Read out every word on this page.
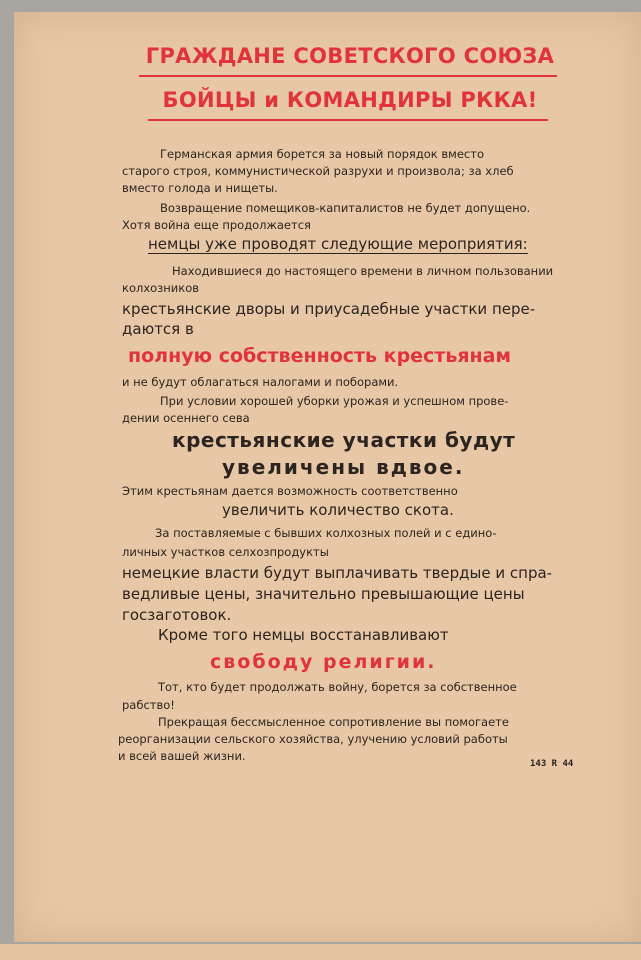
ГРАЖДАНЕ СОВЕТСКОГО СОЮЗА
БОЙЦЫ и КОМАНДИРЫ РККА!
Германская армия борется за новый порядок вместо
старого строя, коммунистической разрухи и произвола; за хлеб
вместо голода и нищеты.
Возвращение помещиков-капиталистов не будет допущено.
Хотя война еще продолжается
немцы уже проводят следующие мероприятия:
Находившиеся до настоящего времени в личном пользовании
колхозников
крестьянские дворы и приусадебные участки пере-
даются в
полную собственность крестьянам
и не будут облагаться налогами и поборами.
При условии хорошей уборки урожая и успешном прове-
дении осеннего сева
крестьянские участки будут
увеличены вдвое.
Этим крестьянам дается возможность соответственно
увеличить количество скота.
За поставляемые с бывших колхозных полей и с едино-
личных участков селхозпродукты
немецкие власти будут выплачивать твердые и спра-
ведливые цены, значительно превышающие цены
госзаготовок.
Кроме того немцы восстанавливают
свободу религии.
Тот, кто будет продолжать войну, борется за собственное
рабство!
Прекращая бессмысленное сопротивление вы помогаете
реорганизации сельского хозяйства, улучению условий работы
и всей вашей жизни.
143 R 44
